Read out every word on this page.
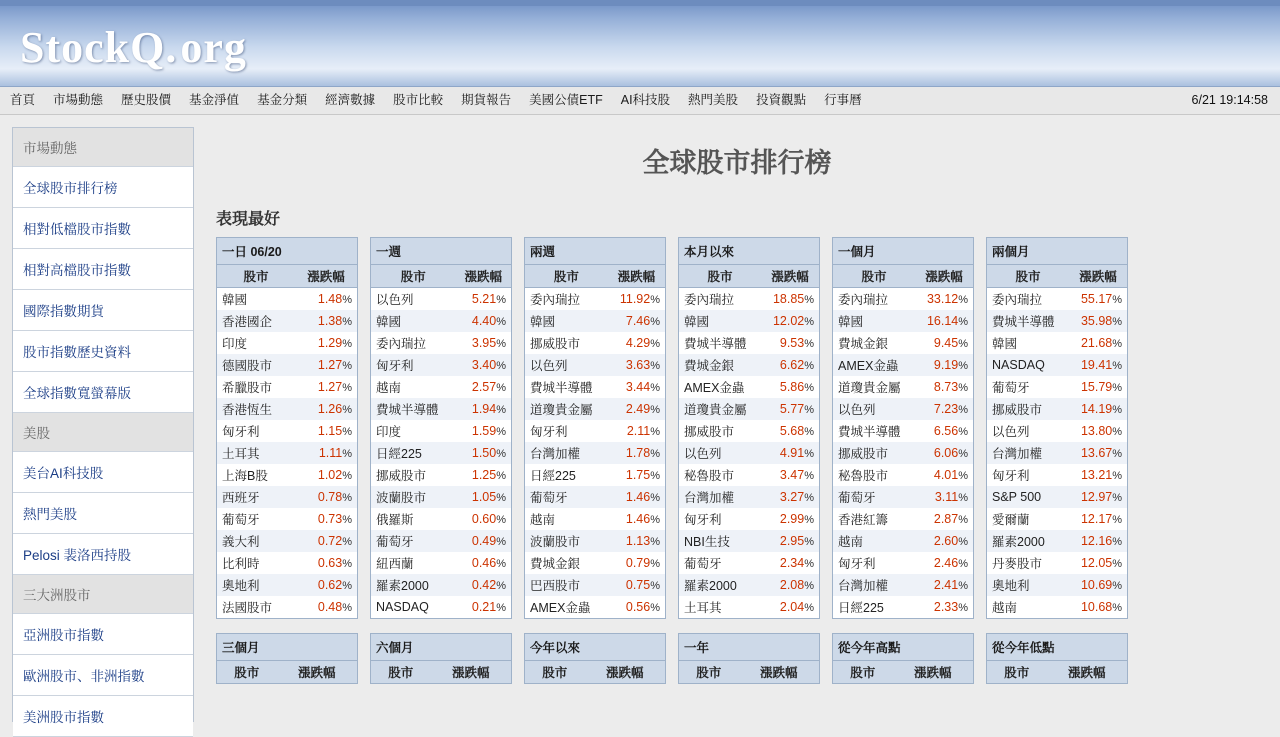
StockQ.org
首頁	市場動態	歷史股價	基金淨值	基金分類	經濟數據	股市比較	期貨報告	美國公債ETF	AI科技股	熱門美股	投資觀點	行事曆	6/21 19:14:58
市場動態
全球股市排行榜
相對低檔股市指數
相對高檔股市指數
國際指數期貨
股市指數歷史資料
全球指數寬螢幕版
美股
美台AI科技股
熱門美股
Pelosi 裴洛西持股
三大洲股市
亞洲股市指數
歐洲股市、非洲指數
美洲股市指數
全球股市排行榜
表現最好
一日 06/20	
股市	漲跌幅
韓國	1.48%
香港國企	1.38%
印度	1.29%
德國股市	1.27%
希臘股市	1.27%
香港恆生	1.26%
匈牙利	1.15%
土耳其	1.11%
上海B股	1.02%
西班牙	0.78%
葡萄牙	0.73%
義大利	0.72%
比利時	0.63%
奧地利	0.62%
法國股市	0.48%
一週	
股市	漲跌幅
以色列	5.21%
韓國	4.40%
委內瑞拉	3.95%
匈牙利	3.40%
越南	2.57%
費城半導體	1.94%
印度	1.59%
日經225	1.50%
挪威股市	1.25%
波蘭股市	1.05%
俄羅斯	0.60%
葡萄牙	0.49%
紐西蘭	0.46%
羅素2000	0.42%
NASDAQ	0.21%
兩週	
股市	漲跌幅
委內瑞拉	11.92%
韓國	7.46%
挪威股市	4.29%
以色列	3.63%
費城半導體	3.44%
道瓊貴金屬	2.49%
匈牙利	2.11%
台灣加權	1.78%
日經225	1.75%
葡萄牙	1.46%
越南	1.46%
波蘭股市	1.13%
費城金銀	0.79%
巴西股市	0.75%
AMEX金蟲	0.56%
本月以來	
股市	漲跌幅
委內瑞拉	18.85%
韓國	12.02%
費城半導體	9.53%
費城金銀	6.62%
AMEX金蟲	5.86%
道瓊貴金屬	5.77%
挪威股市	5.68%
以色列	4.91%
秘魯股市	3.47%
台灣加權	3.27%
匈牙利	2.99%
NBI生技	2.95%
葡萄牙	2.34%
羅素2000	2.08%
土耳其	2.04%
一個月	
股市	漲跌幅
委內瑞拉	33.12%
韓國	16.14%
費城金銀	9.45%
AMEX金蟲	9.19%
道瓊貴金屬	8.73%
以色列	7.23%
費城半導體	6.56%
挪威股市	6.06%
秘魯股市	4.01%
葡萄牙	3.11%
香港紅籌	2.87%
越南	2.60%
匈牙利	2.46%
台灣加權	2.41%
日經225	2.33%
兩個月	
股市	漲跌幅
委內瑞拉	55.17%
費城半導體	35.98%
韓國	21.68%
NASDAQ	19.41%
葡萄牙	15.79%
挪威股市	14.19%
以色列	13.80%
台灣加權	13.67%
匈牙利	13.21%
S&P 500	12.97%
愛爾蘭	12.17%
羅素2000	12.16%
丹麥股市	12.05%
奧地利	10.69%
越南	10.68%
三個月
股市	漲跌幅
六個月
股市	漲跌幅
今年以來
股市	漲跌幅
一年
股市	漲跌幅
從今年高點
股市	漲跌幅
從今年低點
股市	漲跌幅
